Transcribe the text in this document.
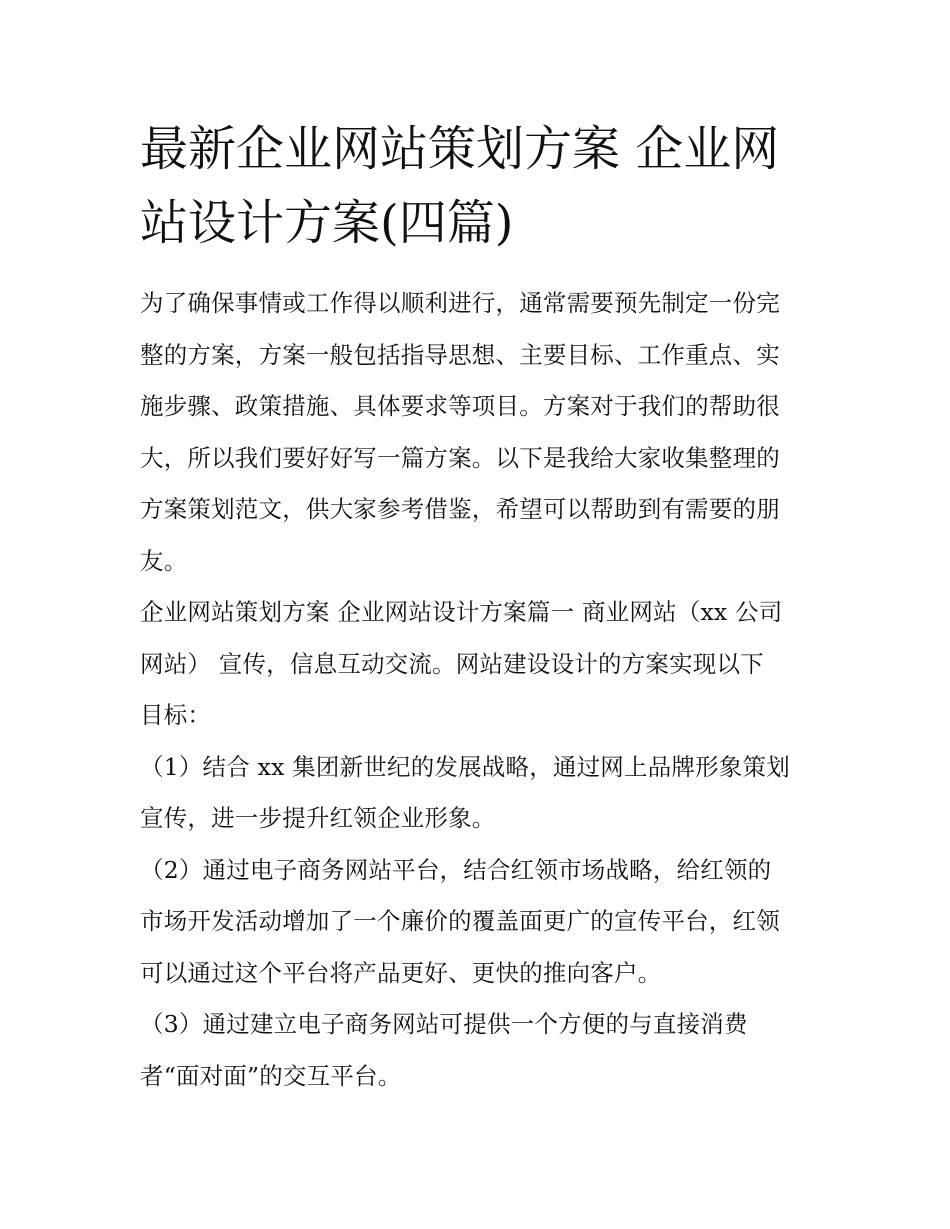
最新企业网站策划方案 企业网
站设计方案(四篇)
为了确保事情或工作得以顺利进行，通常需要预先制定一份完
整的方案，方案一般包括指导思想、主要目标、工作重点、实
施步骤、政策措施、具体要求等项目。方案对于我们的帮助很
大，所以我们要好好写一篇方案。以下是我给大家收集整理的
方案策划范文，供大家参考借鉴，希望可以帮助到有需要的朋
友。
企业网站策划方案 企业网站设计方案篇一 商业网站（xx 公司
网站） 宣传，信息互动交流。网站建设设计的方案实现以下
目标：
（1）结合 xx 集团新世纪的发展战略，通过网上品牌形象策划
宣传，进一步提升红领企业形象。
（2）通过电子商务网站平台，结合红领市场战略，给红领的
市场开发活动增加了一个廉价的覆盖面更广的宣传平台，红领
可以通过这个平台将产品更好、更快的推向客户。
（3）通过建立电子商务网站可提供一个方便的与直接消费
者“面对面”的交互平台。
